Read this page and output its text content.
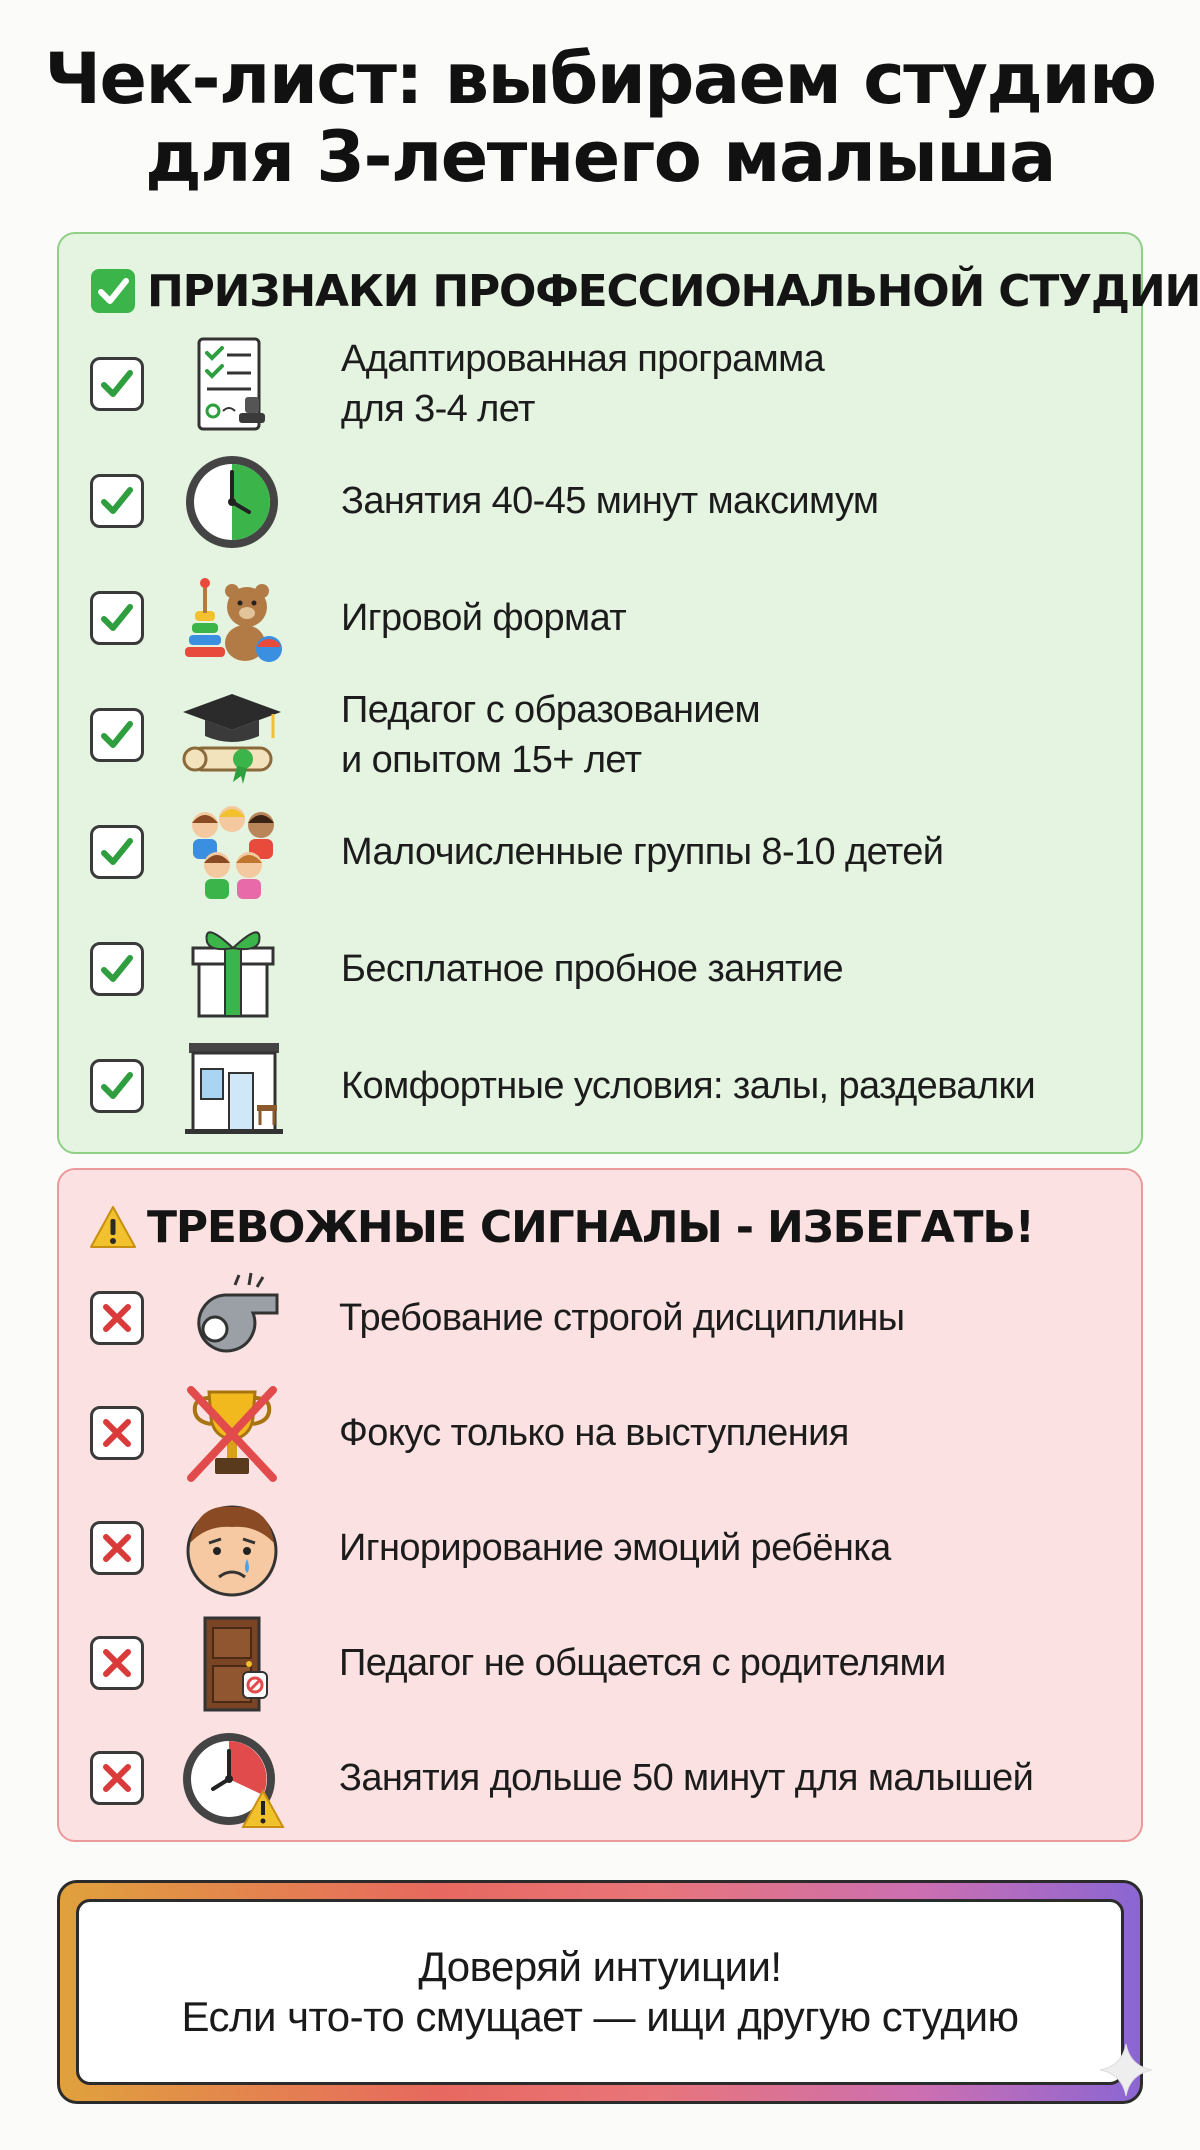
Чек-лист: выбираем студию
для 3-летнего малыша
ПРИЗНАКИ ПРОФЕССИОНАЛЬНОЙ СТУДИИ
Адаптированная программа
для 3-4 лет
Занятия 40-45 минут максимум
Игровой формат
Педагог с образованием
и опытом 15+ лет
Малочисленные группы 8-10 детей
Бесплатное пробное занятие
Комфортные условия: залы, раздевалки
ТРЕВОЖНЫЕ СИГНАЛЫ - ИЗБЕГАТЬ!
Требование строгой дисциплины
Фокус только на выступления
Игнорирование эмоций ребёнка
Педагог не общается с родителями
Занятия дольше 50 минут для малышей
Доверяй интуиции!
Если что-то смущает — ищи другую студию
